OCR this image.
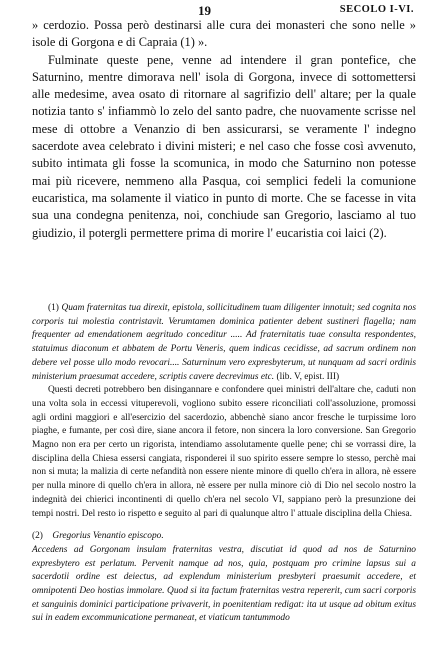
19	SECOLO I-VI.

» cerdozio. Possa però destinarsi alle cura dei monasteri che sono nelle » isole di Gorgona e di Capraia (1) ».

Fulminate queste pene, venne ad intendere il gran pontefice, che Saturnino, mentre dimorava nell' isola di Gorgona, invece di sottomettersi alle medesime, avea osato di ritornare al sagrifizio dell' altare; per la quale notizia tanto s' infiammò lo zelo del santo padre, che nuovamente scrisse nel mese di ottobre a Venanzio di ben assicurarsi, se veramente l' indegno sacerdote avea celebrato i divini misteri; e nel caso che fosse così avvenuto, subito intimata gli fosse la scomunica, in modo che Saturnino non potesse mai più ricevere, nemmeno alla Pasqua, coi semplici fedeli la comunione eucaristica, ma solamente il viatico in punto di morte. Che se facesse in vita sua una condegna penitenza, noi, conchiude san Gregorio, lasciamo al tuo giudizio, il potergli permettere prima di morire l' eucaristia coi laici (2).

(1) Quam fraternitas tua direxit, epistola, sollicitudinem tuam diligenter innotuit; sed cognita nos corporis tui molestia contristavit. Verumtamen dominica patienter debent sustineri flagella; nam frequenter ad emendationem aegritudo conceditur ..... Ad fraternitatis tuae consulta respondentes, statuimus diaconum et abbatem de Portu Veneris, quem indicas cecidisse, ad sacrum ordinem non debere vel posse ullo modo revocari.... Saturninum vero expresbyterum, ut nunquam ad sacri ordinis ministerium praesumat accedere, scriptis cavere decrevimus etc. (lib. V, epist. III)

Questi decreti potrebbero ben disingannare e confondere quei ministri dell'altare che, caduti non una volta sola in eccessi vituperevoli, vogliono subito essere riconciliati coll'assoluzione, promossi agli ordini maggiori e all'esercizio del sacerdozio, abbenchè siano ancor fresche le turpissime loro piaghe, e fumante, per così dire, siane ancora il fetore, non sincera la loro conversione. San Gregorio Magno non era per certo un rigorista, intendiamo assolutamente quelle pene; chi se vorrassi dire, la disciplina della Chiesa essersi cangiata, risponderei il suo spirito essere sempre lo stesso, perchè mai non si muta; la malizia di certe nefandità non essere niente minore di quello ch'era in allora, nè essere per nulla minore di quello ch'era in allora, nè essere per nulla minore ciò di Dio nel secolo nostro la indegnità dei chierici incontinenti di quello ch'era nel secolo VI, sappiano però la presunzione dei tempi nostri. Del resto io rispetto e seguito al pari di qualunque altro l' attuale disciplina della Chiesa.

(2) Gregorius Venantio episcopo.

Accedens ad Gorgonam insulam fraternitas vestra, discutiat id quod ad nos de Saturnino expresbytero est perlatum. Pervenit namque ad nos, quia, postquam pro crimine lapsus sui a sacerdotii ordine est deiectus, ad explendum ministerium presbyteri praesumit accedere, et omnipotenti Deo hostias immolare. Quod si ita factum fraternitas vestra repererit, cum sacri corporis et sanguinis dominici participatione privaverit, in poenitentiam redigat: ita ut usque ad obitum exitus sui in eadem excommunicatione permaneat, et viaticum tantummodo
